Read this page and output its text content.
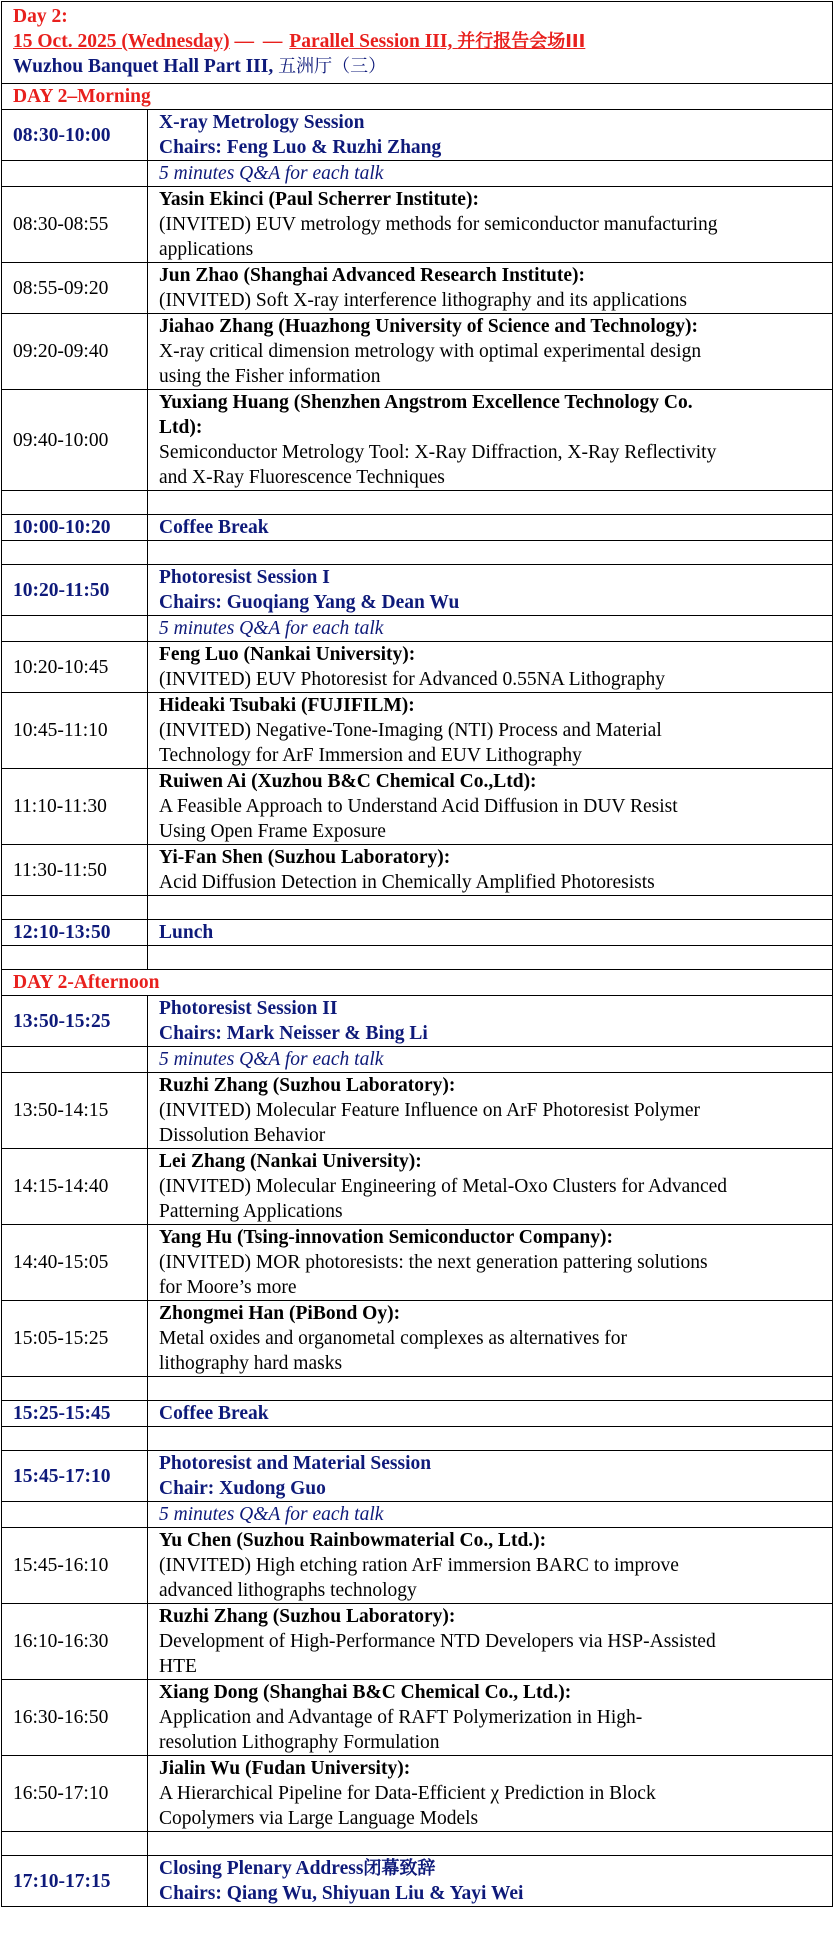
Day 2:
15 Oct. 2025 (Wednesday) — — Parallel Session III, 并行报告会场III
Wuzhou Banquet Hall Part III, 五洲厅（三）	

DAY 2–Morning	
08:30-10:00	X-ray Metrology Session
Chairs: Feng Luo & Ruzhi Zhang

	5 minutes Q&A for each talk
08:30-08:55	Yasin Ekinci (Paul Scherrer Institute):
(INVITED) EUV metrology methods for semiconductor manufacturing
applications

08:55-09:20	Jun Zhao (Shanghai Advanced Research Institute):
(INVITED) Soft X-ray interference lithography and its applications

09:20-09:40	Jiahao Zhang (Huazhong University of Science and Technology):
X-ray critical dimension metrology with optimal experimental design
using the Fisher information

09:40-10:00	Yuxiang Huang (Shenzhen Angstrom Excellence Technology Co.
Ltd):
Semiconductor Metrology Tool: X-Ray Diffraction, X-Ray Reflectivity
and X-Ray Fluorescence Techniques

10:00-10:20	Coffee Break

10:20-11:50	Photoresist Session I
Chairs: Guoqiang Yang & Dean Wu

	5 minutes Q&A for each talk
10:20-10:45	Feng Luo (Nankai University):
(INVITED) EUV Photoresist for Advanced 0.55NA Lithography

10:45-11:10	Hideaki Tsubaki (FUJIFILM):
(INVITED) Negative-Tone-Imaging (NTI) Process and Material
Technology for ArF Immersion and EUV Lithography

11:10-11:30	Ruiwen Ai (Xuzhou B&C Chemical Co.,Ltd):
A Feasible Approach to Understand Acid Diffusion in DUV Resist
Using Open Frame Exposure

11:30-11:50	Yi-Fan Shen (Suzhou Laboratory):
Acid Diffusion Detection in Chemically Amplified Photoresists

12:10-13:50	Lunch

DAY 2-Afternoon	
13:50-15:25	Photoresist Session II
Chairs: Mark Neisser & Bing Li

	5 minutes Q&A for each talk
13:50-14:15	Ruzhi Zhang (Suzhou Laboratory):
(INVITED) Molecular Feature Influence on ArF Photoresist Polymer
Dissolution Behavior

14:15-14:40	Lei Zhang (Nankai University):
(INVITED) Molecular Engineering of Metal-Oxo Clusters for Advanced
Patterning Applications

14:40-15:05	Yang Hu (Tsing-innovation Semiconductor Company):
(INVITED) MOR photoresists: the next generation pattering solutions
for Moore’s more

15:05-15:25	Zhongmei Han (PiBond Oy):
Metal oxides and organometal complexes as alternatives for
lithography hard masks

15:25-15:45	Coffee Break

15:45-17:10	Photoresist and Material Session
Chair: Xudong Guo

	5 minutes Q&A for each talk
15:45-16:10	Yu Chen (Suzhou Rainbowmaterial Co., Ltd.):
(INVITED) High etching ration ArF immersion BARC to improve
advanced lithographs technology

16:10-16:30	Ruzhi Zhang (Suzhou Laboratory):
Development of High-Performance NTD Developers via HSP-Assisted
HTE

16:30-16:50	Xiang Dong (Shanghai B&C Chemical Co., Ltd.):
Application and Advantage of RAFT Polymerization in High-
resolution Lithography Formulation

16:50-17:10	Jialin Wu (Fudan University):
A Hierarchical Pipeline for Data-Efficient χ Prediction in Block
Copolymers via Large Language Models

17:10-17:15	Closing Plenary Address闭幕致辞
Chairs: Qiang Wu, Shiyuan Liu & Yayi Wei
